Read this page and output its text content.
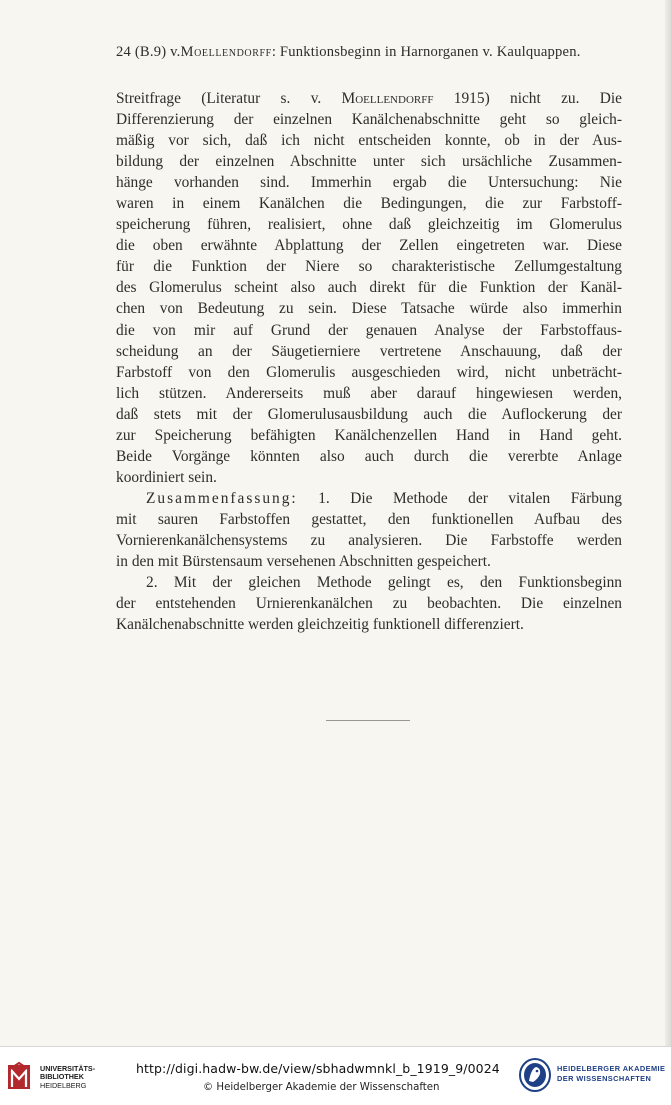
24 (B.9) v.Moellendorff: Funktionsbeginn in Harnorganen v. Kaulquappen.
Streitfrage (Literatur s. v. Moellendorff 1915) nicht zu. Die
Differenzierung der einzelnen Kanälchenabschnitte geht so gleich-
mäßig vor sich, daß ich nicht entscheiden konnte, ob in der Aus-
bildung der einzelnen Abschnitte unter sich ursächliche Zusammen-
hänge vorhanden sind. Immerhin ergab die Untersuchung: Nie
waren in einem Kanälchen die Bedingungen, die zur Farbstoff-
speicherung führen, realisiert, ohne daß gleichzeitig im Glomerulus
die oben erwähnte Abplattung der Zellen eingetreten war. Diese
für die Funktion der Niere so charakteristische Zellumgestaltung
des Glomerulus scheint also auch direkt für die Funktion der Kanäl-
chen von Bedeutung zu sein. Diese Tatsache würde also immerhin
die von mir auf Grund der genauen Analyse der Farbstoffaus-
scheidung an der Säugetierniere vertretene Anschauung, daß der
Farbstoff von den Glomerulis ausgeschieden wird, nicht unbeträcht-
lich stützen. Andererseits muß aber darauf hingewiesen werden,
daß stets mit der Glomerulusausbildung auch die Auflockerung der
zur Speicherung befähigten Kanälchenzellen Hand in Hand geht.
Beide Vorgänge könnten also auch durch die vererbte Anlage
koordiniert sein.
Zusammenfassung: 1. Die Methode der vitalen Färbung
mit sauren Farbstoffen gestattet, den funktionellen Aufbau des
Vornierenkanälchensystems zu analysieren. Die Farbstoffe werden
in den mit Bürstensaum versehenen Abschnitten gespeichert.
2. Mit der gleichen Methode gelingt es, den Funktionsbeginn
der entstehenden Urnierenkanälchen zu beobachten. Die einzelnen
Kanälchenabschnitte werden gleichzeitig funktionell differenziert.
UNIVERSITÄTS-
BIBLIOTHEK
HEIDELBERG
http://digi.hadw-bw.de/view/sbhadwmnkl_b_1919_9/0024
© Heidelberger Akademie der Wissenschaften
HEIDELBERGER AKADEMIE
DER WISSENSCHAFTEN
